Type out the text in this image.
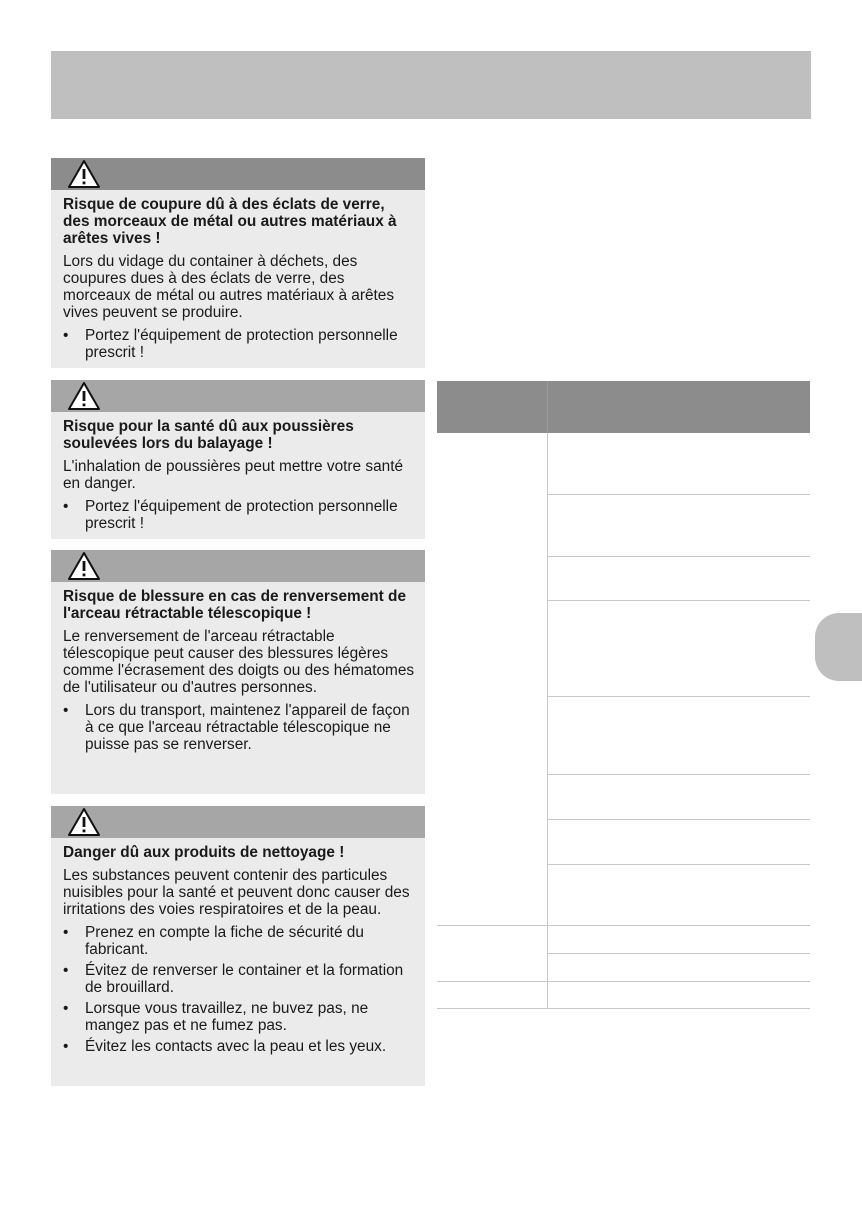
Risque de coupure dû à des éclats de verre, des morceaux de métal ou autres matériaux à arêtes vives !

Lors du vidage du container à déchets, des coupures dues à des éclats de verre, des morceaux de métal ou autres matériaux à arêtes vives peuvent se produire.

• Portez l'équipement de protection personnelle prescrit !

Risque pour la santé dû aux poussières soulevées lors du balayage !

L'inhalation de poussières peut mettre votre santé en danger.

• Portez l'équipement de protection personnelle prescrit !

Risque de blessure en cas de renversement de l'arceau rétractable télescopique !

Le renversement de l'arceau rétractable télescopique peut causer des blessures légères comme l'écrasement des doigts ou des hématomes de l'utilisateur ou d'autres personnes.

• Lors du transport, maintenez l'appareil de façon à ce que l'arceau rétractable télescopique ne puisse pas se renverser.

Danger dû aux produits de nettoyage !

Les substances peuvent contenir des particules nuisibles pour la santé et peuvent donc causer des irritations des voies respiratoires et de la peau.

• Prenez en compte la fiche de sécurité du fabricant.
• Évitez de renverser le container et la formation de brouillard.
• Lorsque vous travaillez, ne buvez pas, ne mangez pas et ne fumez pas.
• Évitez les contacts avec la peau et les yeux.
